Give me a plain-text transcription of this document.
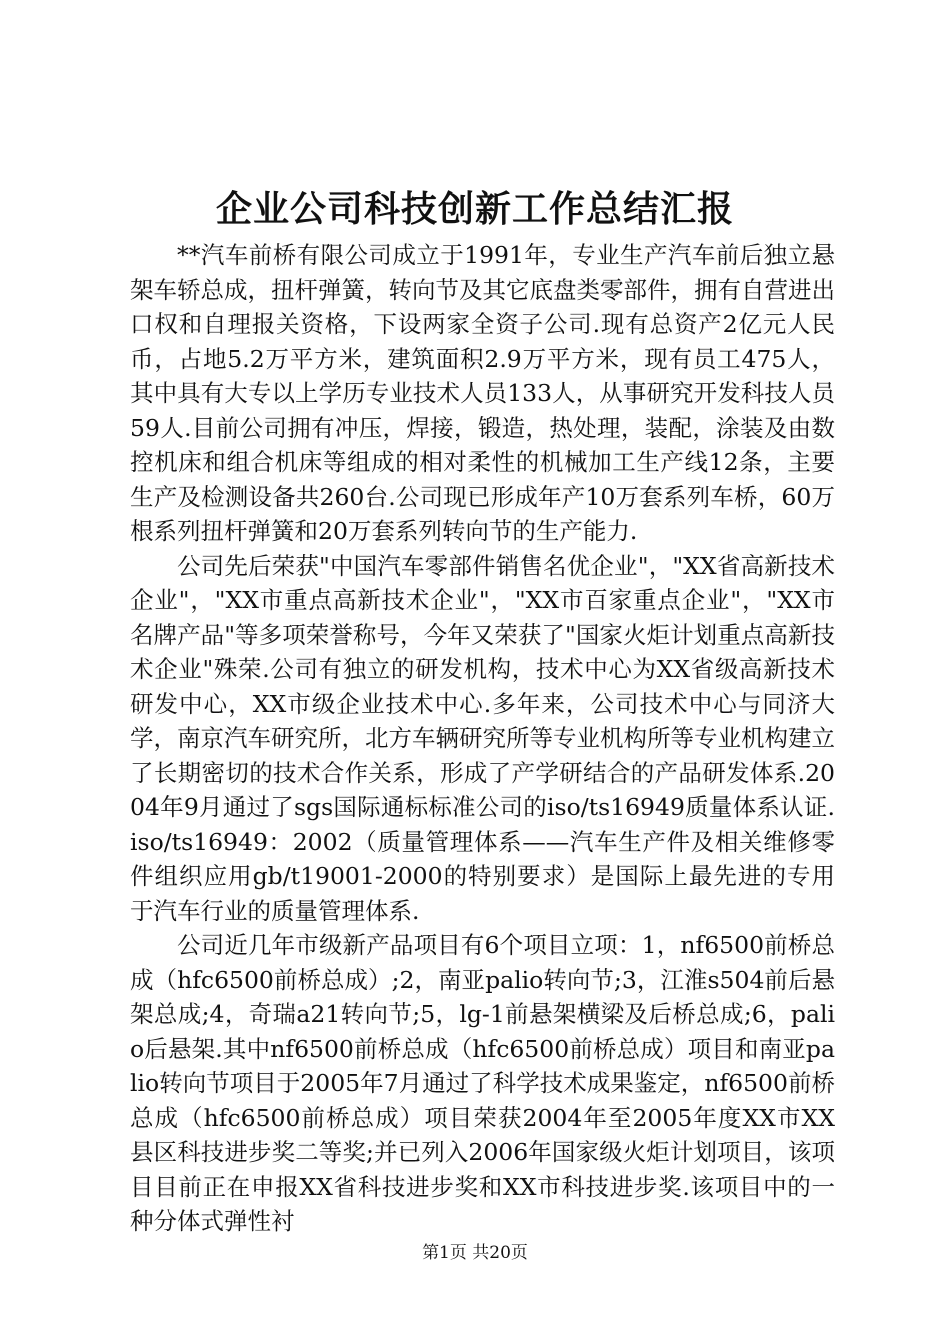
企业公司科技创新工作总结汇报

**汽车前桥有限公司成立于1991年，专业生产汽车前后独立悬架车轿总成，扭杆弹簧，转向节及其它底盘类零部件，拥有自营进出口权和自理报关资格，下设两家全资子公司.现有总资产2亿元人民币，占地5.2万平方米，建筑面积2.9万平方米，现有员工475人，其中具有大专以上学历专业技术人员133人，从事研究开发科技人员59人.目前公司拥有冲压，焊接，锻造，热处理，装配，涂装及由数控机床和组合机床等组成的相对柔性的机械加工生产线12条，主要生产及检测设备共260台.公司现已形成年产10万套系列车桥，60万根系列扭杆弹簧和20万套系列转向节的生产能力.

公司先后荣获"中国汽车零部件销售名优企业"，"XX省高新技术企业"，"XX市重点高新技术企业"，"XX市百家重点企业"，"XX市名牌产品"等多项荣誉称号，今年又荣获了"国家火炬计划重点高新技术企业"殊荣.公司有独立的研发机构，技术中心为XX省级高新技术研发中心，XX市级企业技术中心.多年来，公司技术中心与同济大学，南京汽车研究所，北方车辆研究所等专业机构所等专业机构建立了长期密切的技术合作关系，形成了产学研结合的产品研发体系.2004年9月通过了sgs国际通标标准公司的iso/ts16949质量体系认证.iso/ts16949：2002（质量管理体系——汽车生产件及相关维修零件组织应用gb/t19001-2000的特别要求）是国际上最先进的专用于汽车行业的质量管理体系.

公司近几年市级新产品项目有6个项目立项：1，nf6500前桥总成（hfc6500前桥总成）;2，南亚palio转向节;3，江淮s504前后悬架总成;4，奇瑞a21转向节;5，lg-1前悬架横梁及后桥总成;6，palio后悬架.其中nf6500前桥总成（hfc6500前桥总成）项目和南亚palio转向节项目于2005年7月通过了科学技术成果鉴定，nf6500前桥总成（hfc6500前桥总成）项目荣获2004年至2005年度XX市XX县区科技进步奖二等奖;并已列入2006年国家级火炬计划项目，该项目目前正在申报XX省科技进步奖和XX市科技进步奖.该项目中的一种分体式弹性衬

第1页 共20页
